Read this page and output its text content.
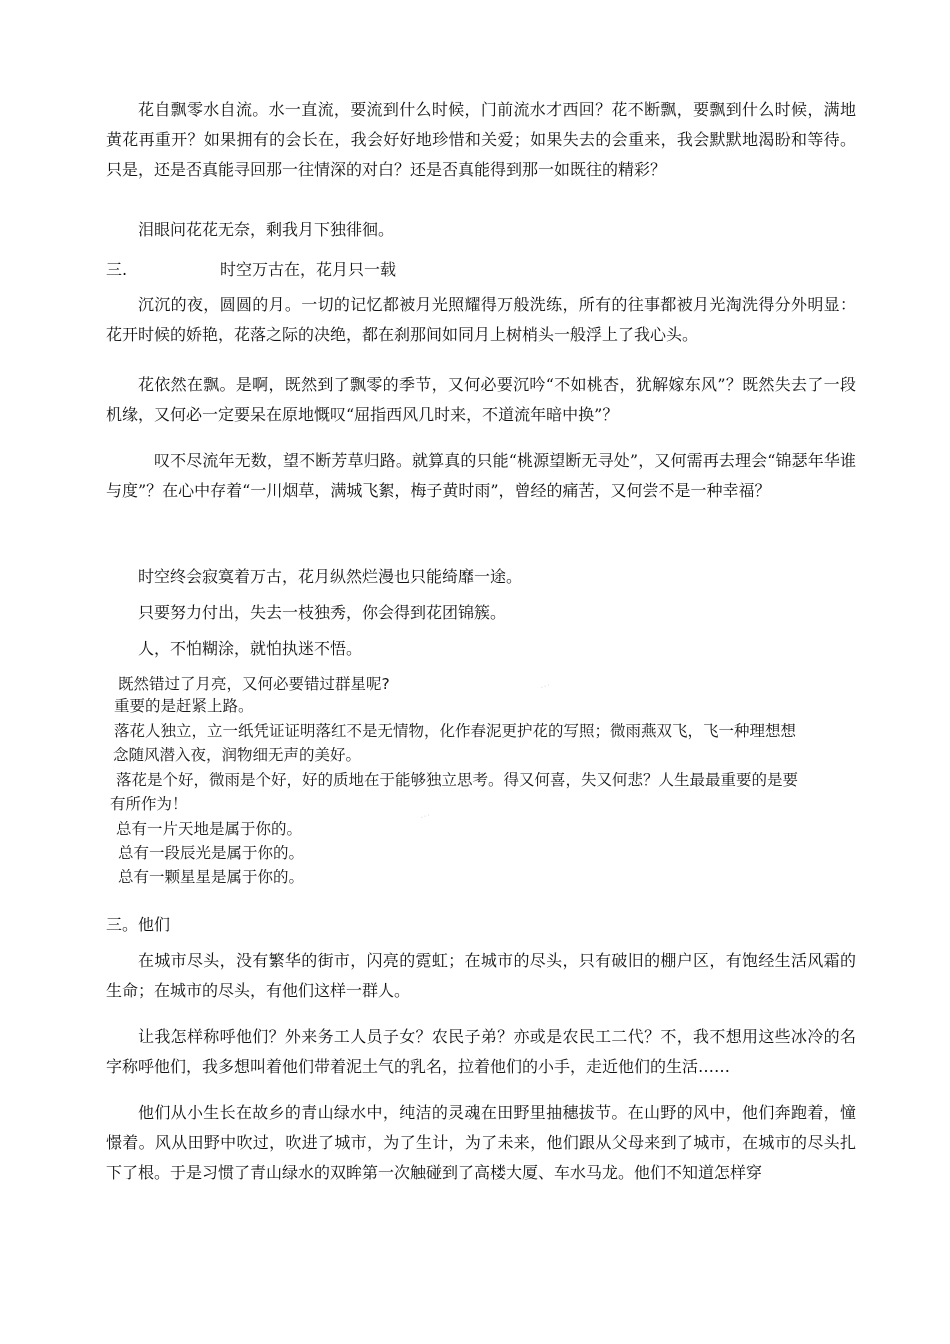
花自飘零水自流。水一直流，要流到什么时候，门前流水才西回？花不断飘，要飘到什么时候，满地黄花再重开？如果拥有的会长在，我会好好地珍惜和关爱；如果失去的会重来，我会默默地渴盼和等待。只是，还是否真能寻回那一往情深的对白？还是否真能得到那一如既往的精彩？

泪眼问花花无奈，剩我月下独徘徊。

三.	时空万古在，花月只一载

沉沉的夜，圆圆的月。一切的记忆都被月光照耀得万般洗练，所有的往事都被月光淘洗得分外明显：花开时候的娇艳，花落之际的决绝，都在刹那间如同月上树梢头一般浮上了我心头。

花依然在飘。是啊，既然到了飘零的季节，又何必要沉吟“不如桃杏，犹解嫁东风”？既然失去了一段机缘，又何必一定要呆在原地慨叹“屈指西风几时来，不道流年暗中换”？

叹不尽流年无数，望不断芳草归路。就算真的只能“桃源望断无寻处”，又何需再去理会“锦瑟年华谁与度”？在心中存着“一川烟草，满城飞絮，梅子黄时雨”，曾经的痛苦，又何尝不是一种幸福？

时空终会寂寞着万古，花月纵然烂漫也只能绮靡一途。

只要努力付出，失去一枝独秀，你会得到花团锦簇。

人，不怕糊涂，就怕执迷不悟。

···
···

既然错过了月亮，又何必要错过群星呢?

重要的是赶紧上路。

落花人独立，立一纸凭证证明落红不是无情物，化作春泥更护花的写照；微雨燕双飞，飞一种理想想

念随风潜入夜，润物细无声的美好。

落花是个好，微雨是个好，好的质地在于能够独立思考。得又何喜，失又何悲？人生最最重要的是要

有所作为！

总有一片天地是属于你的。

总有一段辰光是属于你的。

总有一颗星星是属于你的。

三。他们

在城市尽头，没有繁华的街市，闪亮的霓虹；在城市的尽头，只有破旧的棚户区，有饱经生活风霜的生命；在城市的尽头，有他们这样一群人。

让我怎样称呼他们？外来务工人员子女？农民子弟？亦或是农民工二代？不，我不想用这些冰冷的名字称呼他们，我多想叫着他们带着泥土气的乳名，拉着他们的小手，走近他们的生活……

他们从小生长在故乡的青山绿水中，纯洁的灵魂在田野里抽穗拔节。在山野的风中，他们奔跑着，憧憬着。风从田野中吹过，吹进了城市，为了生计，为了未来，他们跟从父母来到了城市，在城市的尽头扎下了根。于是习惯了青山绿水的双眸第一次触碰到了高楼大厦、车水马龙。他们不知道怎样穿
